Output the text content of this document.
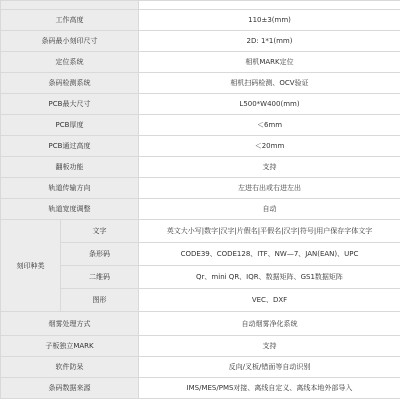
工作高度		110±3(mm)
条码最小刻印尺寸		2D: 1*1(mm)
定位系统		相机MARK定位
条码检测系统		相机扫码检测、OCV验证
PCB最大尺寸		L500*W400(mm)
PCB厚度		＜6mm
PCB通过高度		＜20mm
翻板功能		支持
轨道传输方向		左进右出或右进左出
轨道宽度调整		自动
刻印种类	文字	英文大小写|数字|汉字|片假名|平假名|汉字|符号|用户保存字体文字
	条形码	CODE39、CODE128、ITF、NW—7、JAN(EAN)、UPC
	二维码	Qr、mini QR、IQR、数据矩阵、GS1数据矩阵
	图形	VEC、DXF
烟雾处理方式		自动烟雾净化系统
子板独立MARK		支持
软件防呆		反向/叉板/错面等自动识别
条码数据来源		IMS/MES/PMS对接、离线自定义、离线本地外部导入
